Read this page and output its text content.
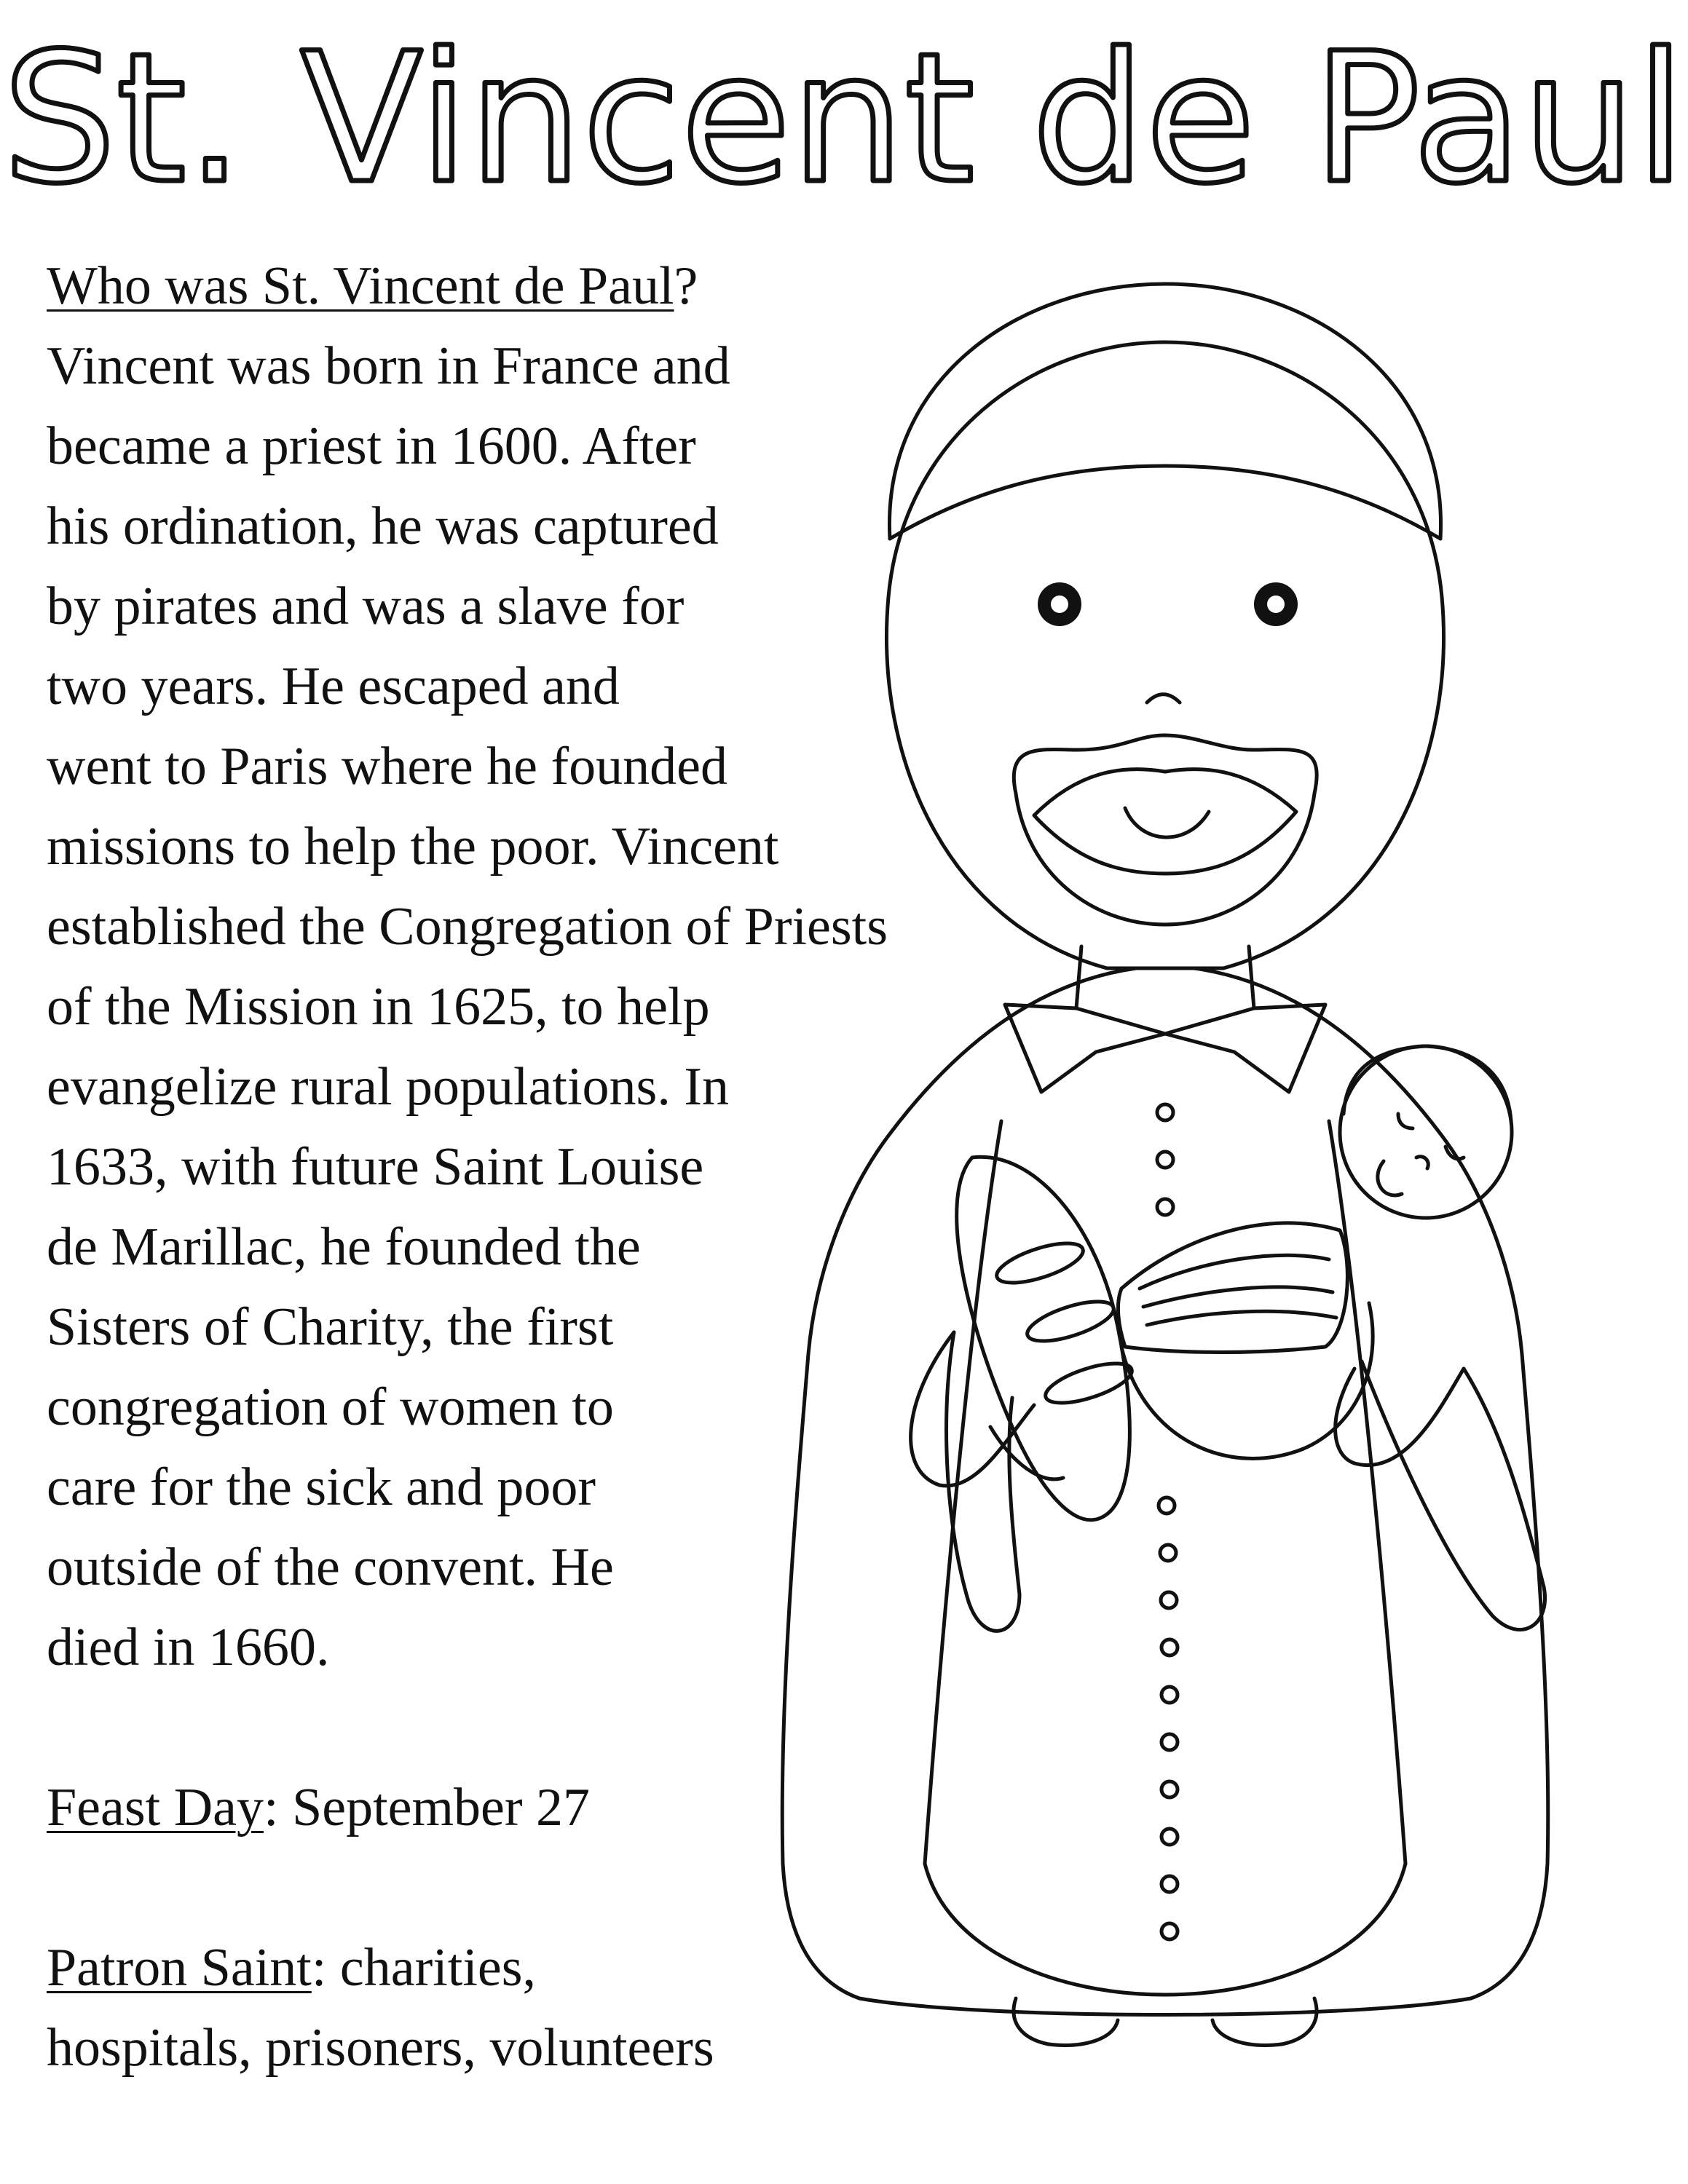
St. Vincent de Paul
Who was St. Vincent de Paul?
Vincent was born in France and
became a priest in 1600. After
his ordination, he was captured
by pirates and was a slave for
two years. He escaped and
went to Paris where he founded
missions to help the poor. Vincent
established the Congregation of Priests
of the Mission in 1625, to help
evangelize rural populations. In
1633, with future Saint Louise
de Marillac, he founded the
Sisters of Charity, the first
congregation of women to
care for the sick and poor
outside of the convent. He
died in 1660.
Feast Day: September 27
Patron Saint: charities,
hospitals, prisoners, volunteers
